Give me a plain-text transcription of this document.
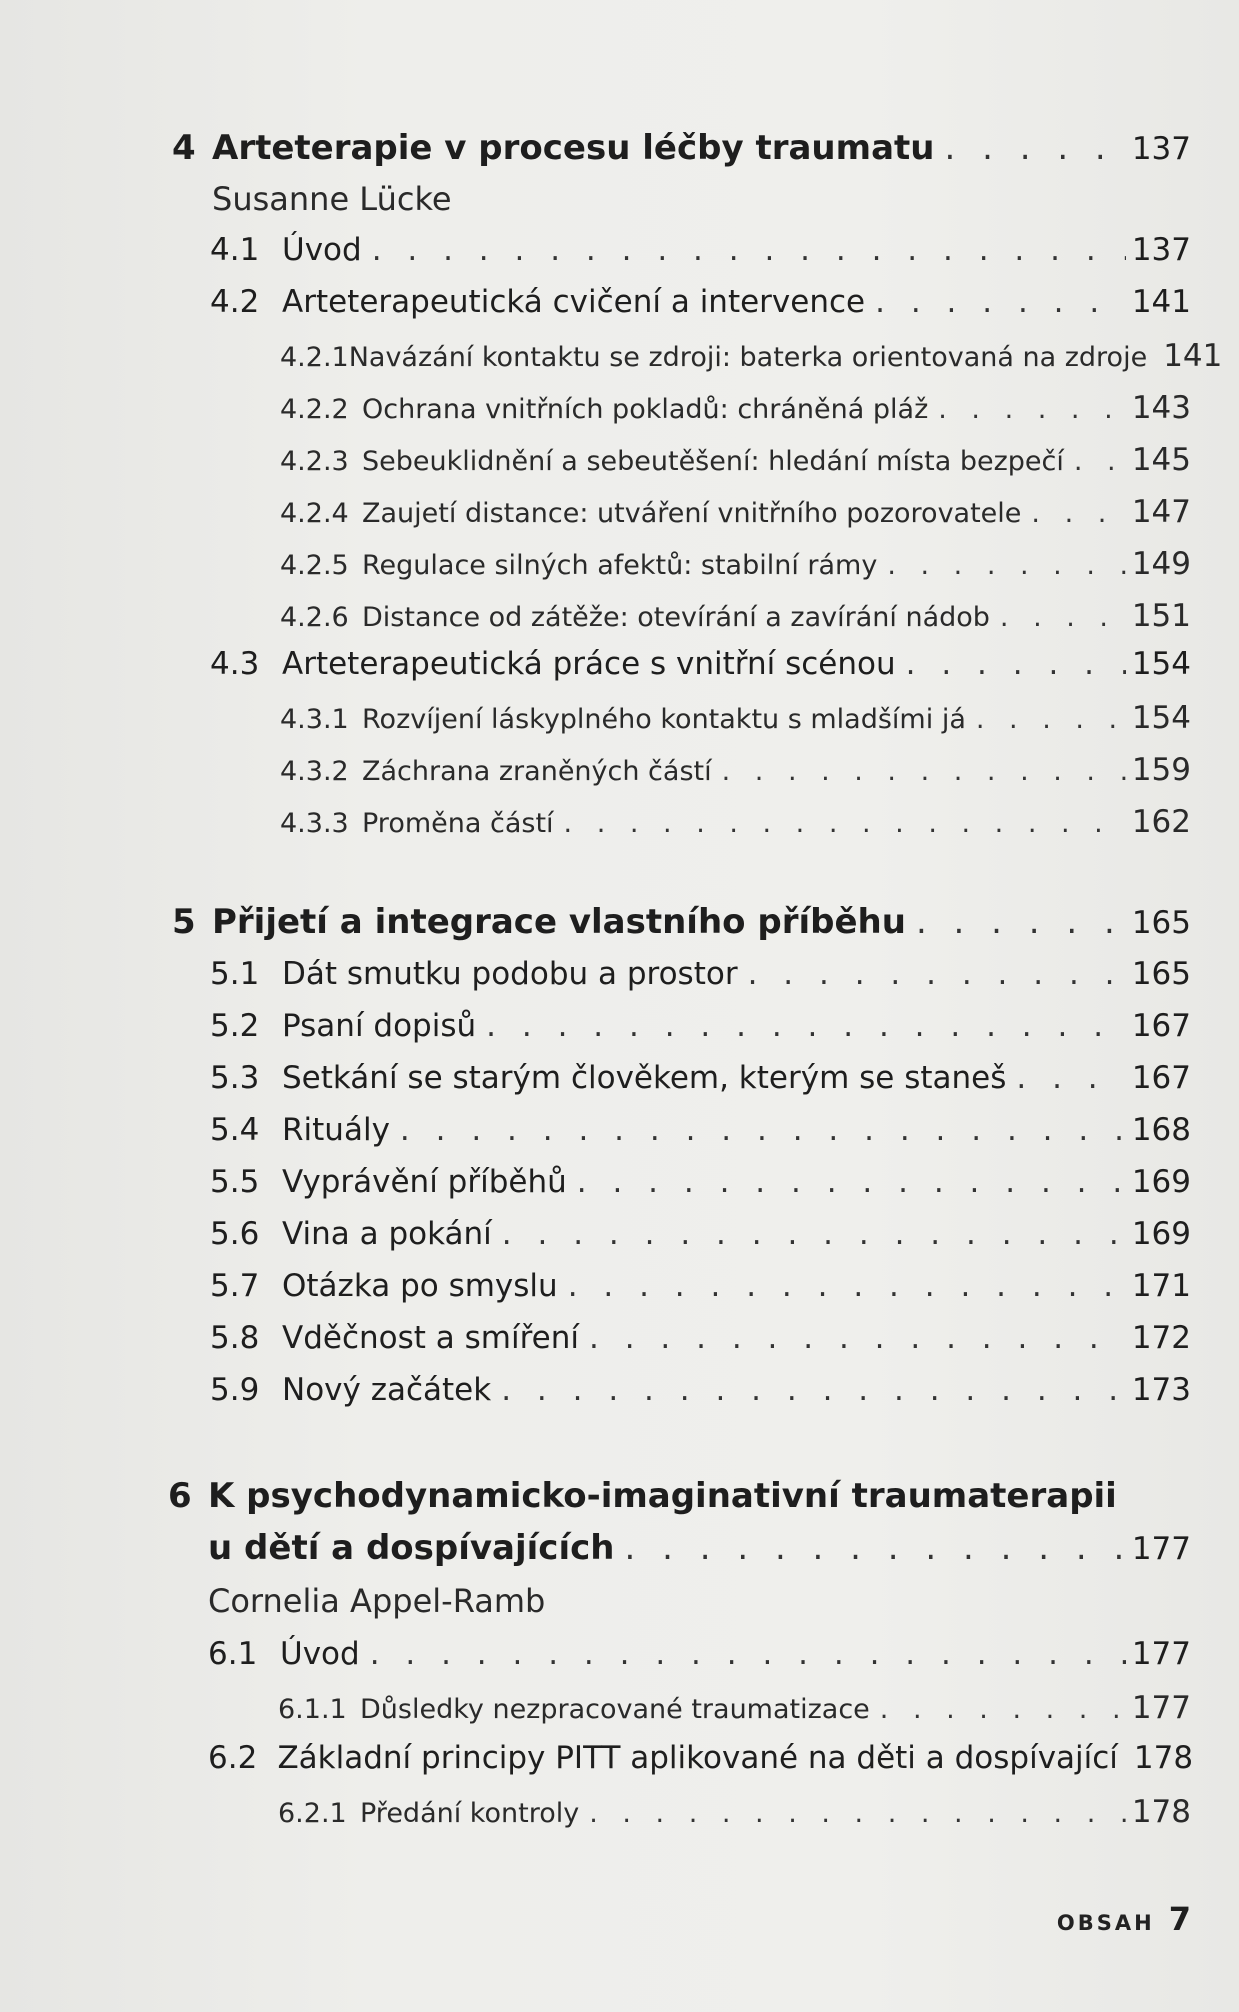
4 Arteterapie v procesu léčby traumatu . . .	137
Susanne Lücke
4.1 Úvod . . .	137
4.2 Arteterapeutická cvičení a intervence . . .	141
4.2.1 Navázání kontaktu se zdroji: baterka orientovaná na zdroje 141
4.2.2 Ochrana vnitřních pokladů: chráněná pláž . . .	143
4.2.3 Sebeuklidnění a sebeutěšení: hledání místa bezpečí . . . 145
4.2.4 Zaujetí distance: utváření vnitřního pozorovatele . . .	147
4.2.5 Regulace silných afektů: stabilní rámy . . .	149
4.2.6 Distance od zátěže: otevírání a zavírání nádob . . .	151
4.3 Arteterapeutická práce s vnitřní scénou . . .	154
4.3.1 Rozvíjení láskyplného kontaktu s mladšími já . . .	154
4.3.2 Záchrana zraněných částí . . .	159
4.3.3 Proměna částí . . .	162
5 Přijetí a integrace vlastního příběhu . . .	165
5.1 Dát smutku podobu a prostor . . .	165
5.2 Psaní dopisů . . .	167
5.3 Setkání se starým člověkem, kterým se staneš . . .	167
5.4 Rituály . . .	168
5.5 Vyprávění příběhů . . .	169
5.6 Vina a pokání . . .	169
5.7 Otázka po smyslu . . .	171
5.8 Vděčnost a smíření . . .	172
5.9 Nový začátek . . .	173
6 K psychodynamicko-imaginativní traumaterapii
u dětí a dospívajících . . .	177
Cornelia Appel-Ramb
6.1 Úvod . . .	177
6.1.1 Důsledky nezpracované traumatizace . . .	177
6.2 Základní principy PITT aplikované na děti a dospívající 178
6.2.1 Předání kontroly . . .	178
OBSAH 7
